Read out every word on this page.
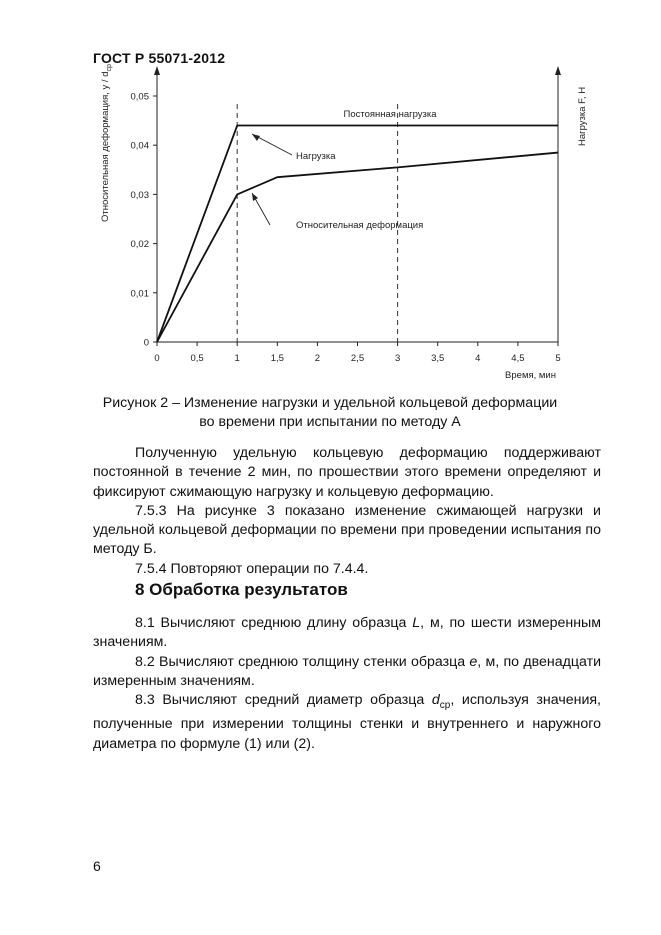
ГОСТ Р 55071-2012
0
0,01
0,02
0,03
0,04
0,05
0	0,5	1	1,5	2	2,5	3	3,5	4	4,5	5
Относительная деформация, y / $d_{ср}$
Нагрузка F, Н
Время, мин
Постоянная нагрузка
Нагрузка
Относительная деформация
Рисунок 2 – Изменение нагрузки и удельной кольцевой деформации
во времени при испытании по методу А

Полученную удельную кольцевую деформацию поддерживают постоянной в течение 2 мин, по прошествии этого времени определяют и фиксируют сжимающую нагрузку и кольцевую деформацию.

7.5.3 На рисунке 3 показано изменение сжимающей нагрузки и удельной кольцевой деформации по времени при проведении испытания по методу Б.

7.5.4 Повторяют операции по 7.4.4.

8 Обработка результатов

8.1 Вычисляют среднюю длину образца L, м, по шести измеренным значениям.

8.2 Вычисляют среднюю толщину стенки образца e, м, по двенадцати измеренным значениям.

8.3 Вычисляют средний диаметр образца $d_{ср}$, используя значения, полученные при измерении толщины стенки и внутреннего и наружного диаметра по формуле (1) или (2).

6
